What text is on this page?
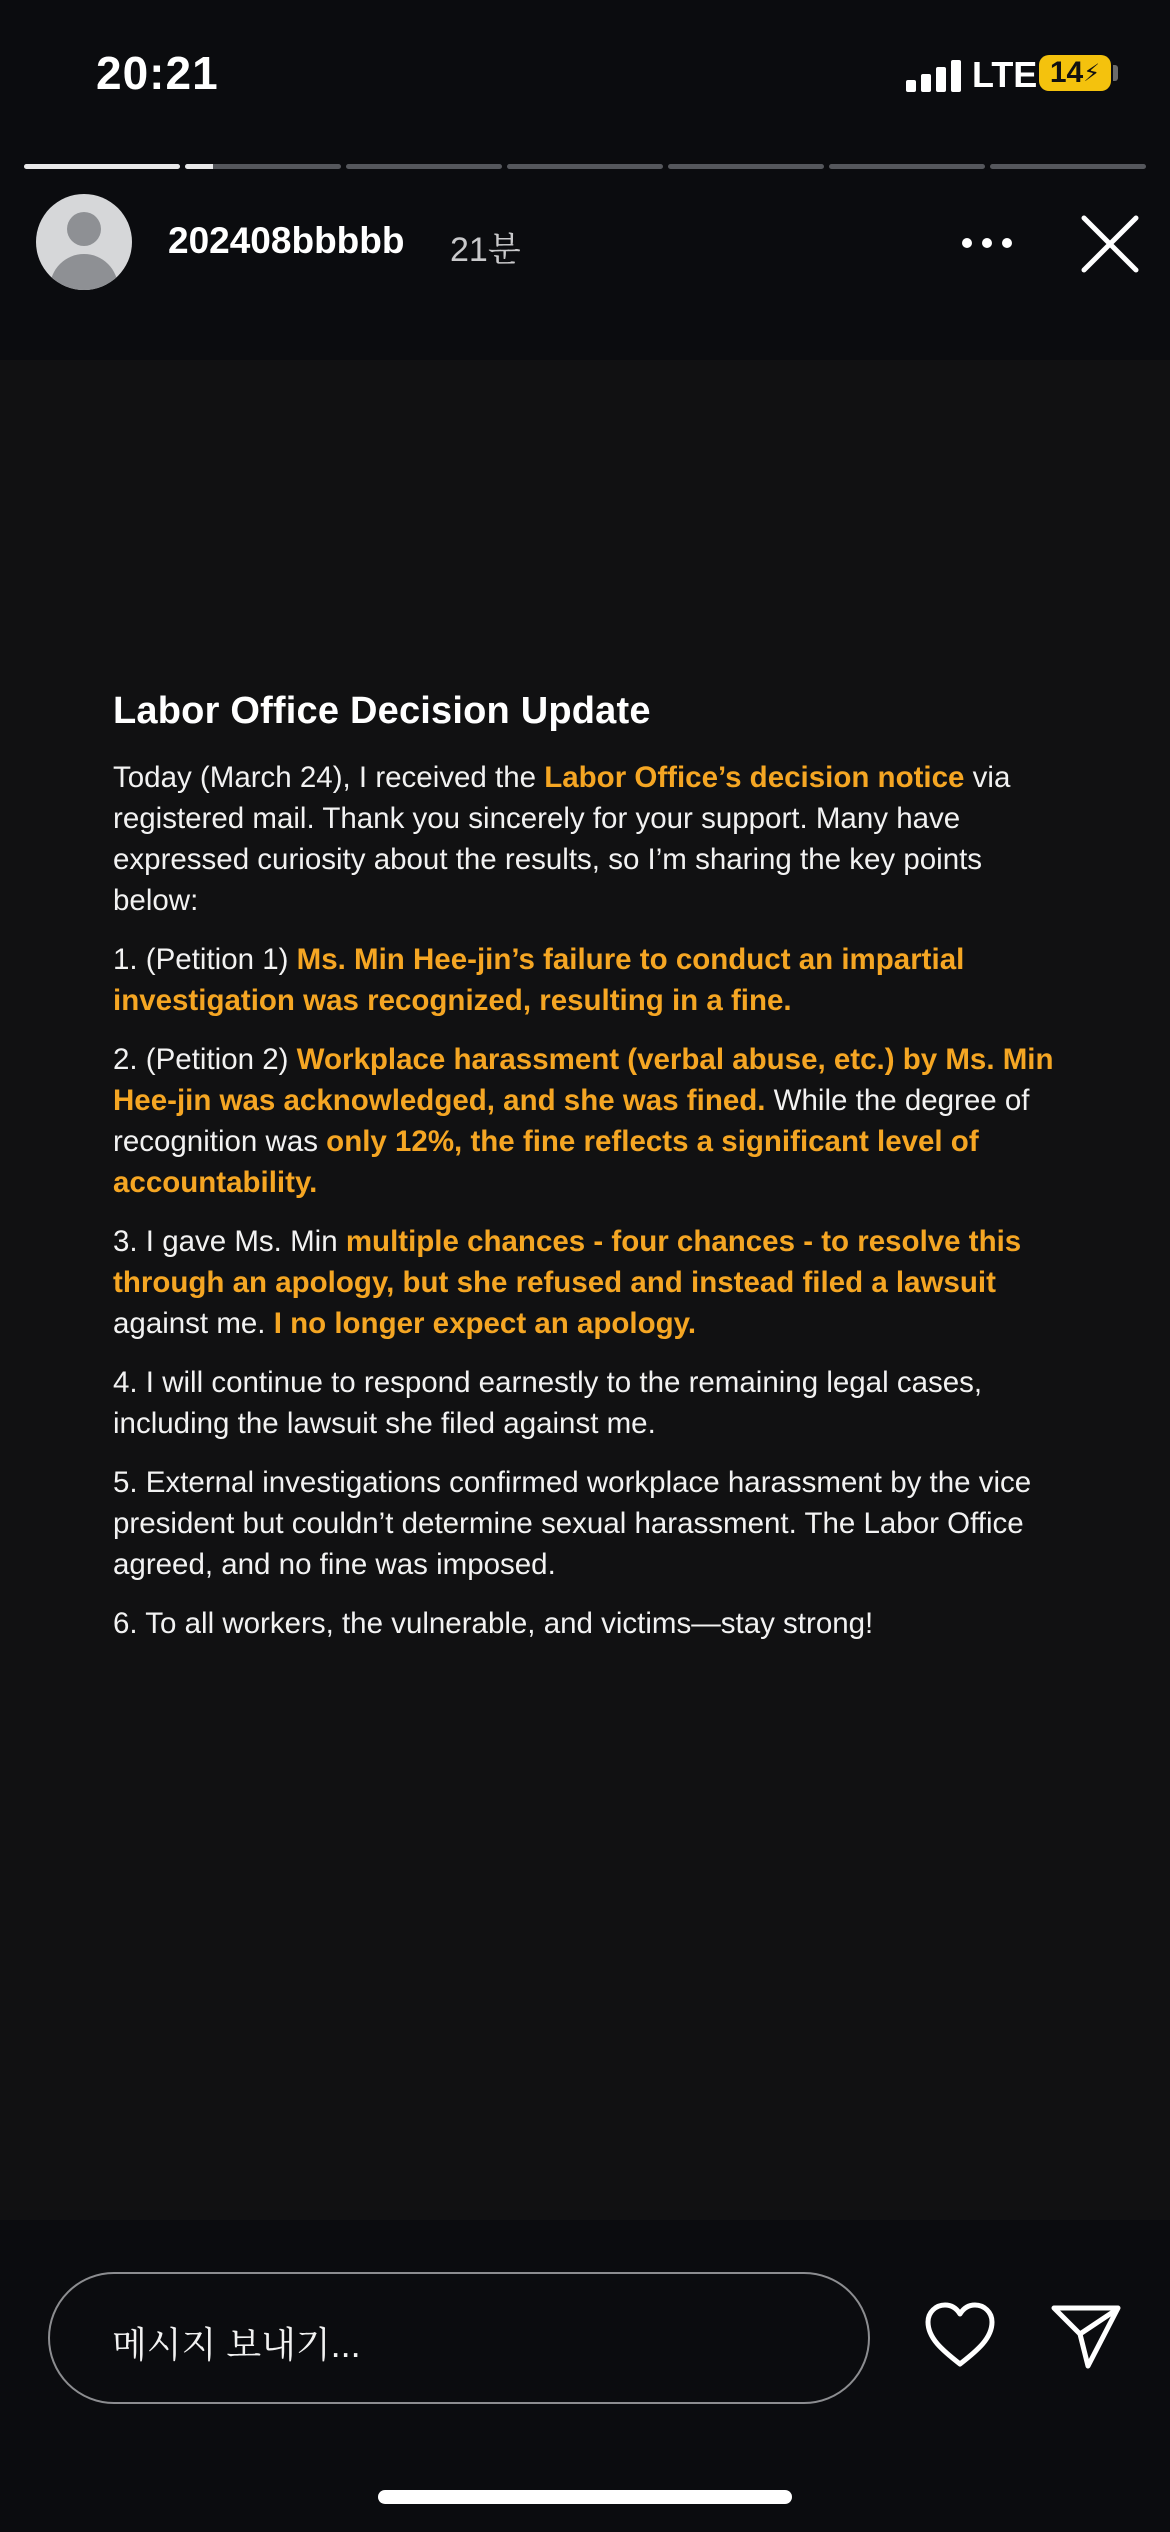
20:21	LTE 14 ⚡
202408bbbbb 21분
Labor Office Decision Update

Today (March 24), I received the Labor Office’s decision notice via registered mail. Thank you sincerely for your support. Many have expressed curiosity about the results, so I’m sharing the key points below:

1. (Petition 1) Ms. Min Hee-jin’s failure to conduct an impartial investigation was recognized, resulting in a fine.

2. (Petition 2) Workplace harassment (verbal abuse, etc.) by Ms. Min Hee-jin was acknowledged, and she was fined. While the degree of recognition was only 12%, the fine reflects a significant level of accountability.

3. I gave Ms. Min multiple chances - four chances - to resolve this through an apology, but she refused and instead filed a lawsuit against me. I no longer expect an apology.

4. I will continue to respond earnestly to the remaining legal cases, including the lawsuit she filed against me.

5. External investigations confirmed workplace harassment by the vice president but couldn’t determine sexual harassment. The Labor Office agreed, and no fine was imposed.

6. To all workers, the vulnerable, and victims—stay strong!

메시지 보내기...
